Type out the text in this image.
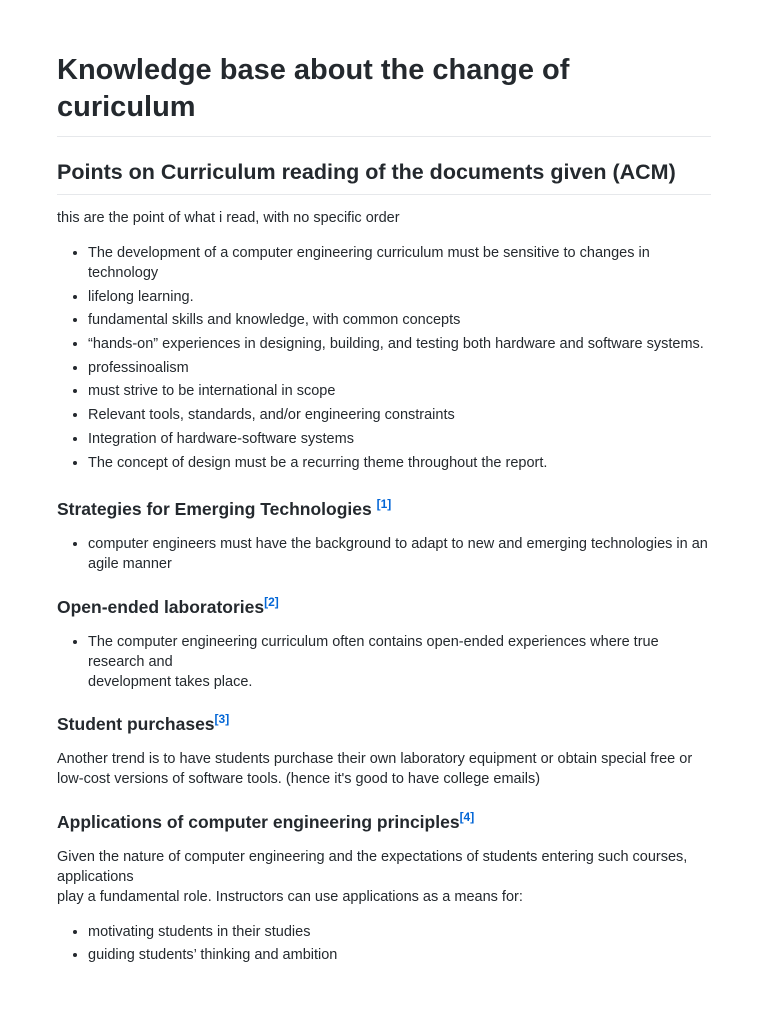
Knowledge base about the change of curiculum
Points on Curriculum reading of the documents given (ACM)

this are the point of what i read, with no specific order

• The development of a computer engineering curriculum must be sensitive to changes in technology
• lifelong learning.
• fundamental skills and knowledge, with common concepts
• “hands-on” experiences in designing, building, and testing both hardware and software systems.
• professinoalism
• must strive to be international in scope
• Relevant tools, standards, and/or engineering constraints
• Integration of hardware-software systems
• The concept of design must be a recurring theme throughout the report.
Strategies for Emerging Technologies [1]
• computer engineers must have the background to adapt to new and emerging technologies in an agile manner
Open-ended laboratories[2]
• The computer engineering curriculum often contains open-ended experiences where true research and
development takes place.
Student purchases[3]

Another trend is to have students purchase their own laboratory equipment or obtain special free or low-cost versions of software tools. (hence it's good to have college emails)

Applications of computer engineering principles[4]

Given the nature of computer engineering and the expectations of students entering such courses, applications
play a fundamental role. Instructors can use applications as a means for:

• motivating students in their studies
• guiding students’ thinking and ambition
